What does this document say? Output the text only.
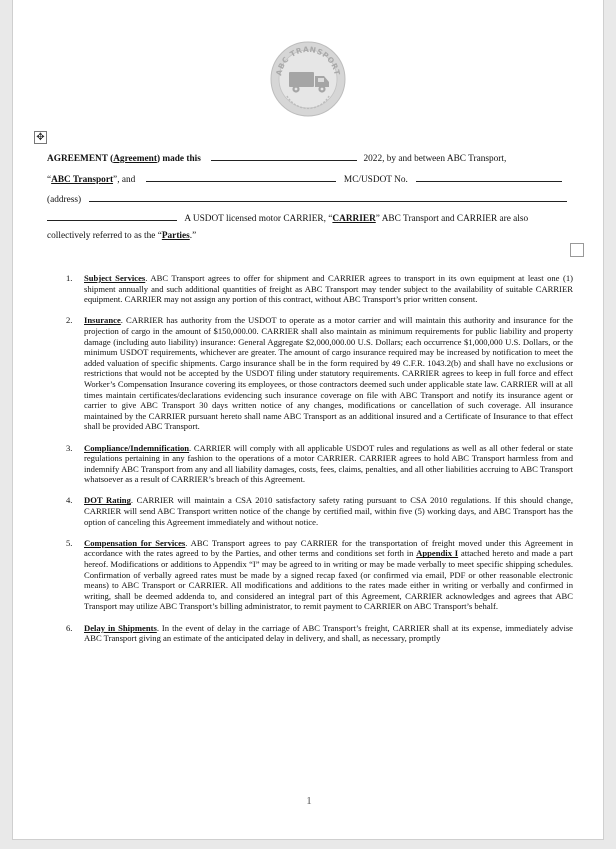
ABC TRANSPORT
✥
AGREEMENT (Agreement) made this	2022, by and between ABC Transport,
“ABC Transport”, and	MC/USDOT No.
(address)
A USDOT licensed motor CARRIER, “CARRIER” ABC Transport and CARRIER are also
collectively referred to as the “Parties.”
1. Subject Services. ABC Transport agrees to offer for shipment and CARRIER agrees to transport in its own equipment at least one (1) shipment annually and such additional quantities of freight as ABC Transport may tender subject to the availability of suitable CARRIER equipment. CARRIER may not assign any portion of this contract, without ABC Transport’s prior written consent.
2. Insurance. CARRIER has authority from the USDOT to operate as a motor carrier and will maintain this authority and insurance for the projection of cargo in the amount of $150,000.00. CARRIER shall also maintain as minimum requirements for public liability and property damage (including auto liability) insurance: General Aggregate $2,000,000.00 U.S. Dollars; each occurrence $1,000,000 U.S. Dollars, or the minimum USDOT requirements, whichever are greater. The amount of cargo insurance required may be increased by notification to meet the added valuation of specific shipments. Cargo insurance shall be in the form required by 49 C.F.R. 1043.2(b) and shall have no exclusions or restrictions that would not be accepted by the USDOT filing under statutory requirements. CARRIER agrees to keep in full force and effect Worker’s Compensation Insurance covering its employees, or those contractors deemed such under applicable state law. CARRIER will at all times maintain certificates/declarations evidencing such insurance coverage on file with ABC Transport and notify its insurance agent or carrier to give ABC Transport 30 days written notice of any changes, modifications or cancellation of such coverage. All insurance maintained by the CARRIER pursuant hereto shall name ABC Transport as an additional insured and a Certificate of Insurance to that effect shall be provided ABC Transport.
3. Compliance/Indemnification. CARRIER will comply with all applicable USDOT rules and regulations as well as all other federal or state regulations pertaining in any fashion to the operations of a motor CARRIER. CARRIER agrees to hold ABC Transport harmless from and indemnify ABC Transport from any and all liability damages, costs, fees, claims, penalties, and all other liabilities accruing to ABC Transport whatsoever as a result of CARRIER’s breach of this Agreement.
4. DOT Rating. CARRIER will maintain a CSA 2010 satisfactory safety rating pursuant to CSA 2010 regulations. If this should change, CARRIER will send ABC Transport written notice of the change by certified mail, within five (5) working days, and ABC Transport has the option of canceling this Agreement immediately and without notice.
5. Compensation for Services. ABC Transport agrees to pay CARRIER for the transportation of freight moved under this Agreement in accordance with the rates agreed to by the Parties, and other terms and conditions set forth in Appendix I attached hereto and made a part hereof. Modifications or additions to Appendix “I” may be agreed to in writing or may be made verbally to meet specific shipping schedules. Confirmation of verbally agreed rates must be made by a signed recap faxed (or confirmed via email, PDF or other reasonable electronic means) to ABC Transport or CARRIER. All modifications and additions to the rates made either in writing or verbally and confirmed in writing, shall be deemed addenda to, and considered an integral part of this Agreement, CARRIER acknowledges and agrees that ABC Transport may utilize ABC Transport’s billing administrator, to remit payment to CARRIER on ABC Transport’s behalf.
6. Delay in Shipments. In the event of delay in the carriage of ABC Transport’s freight, CARRIER shall at its expense, immediately advise ABC Transport giving an estimate of the anticipated delay in delivery, and shall, as necessary, promptly
1
